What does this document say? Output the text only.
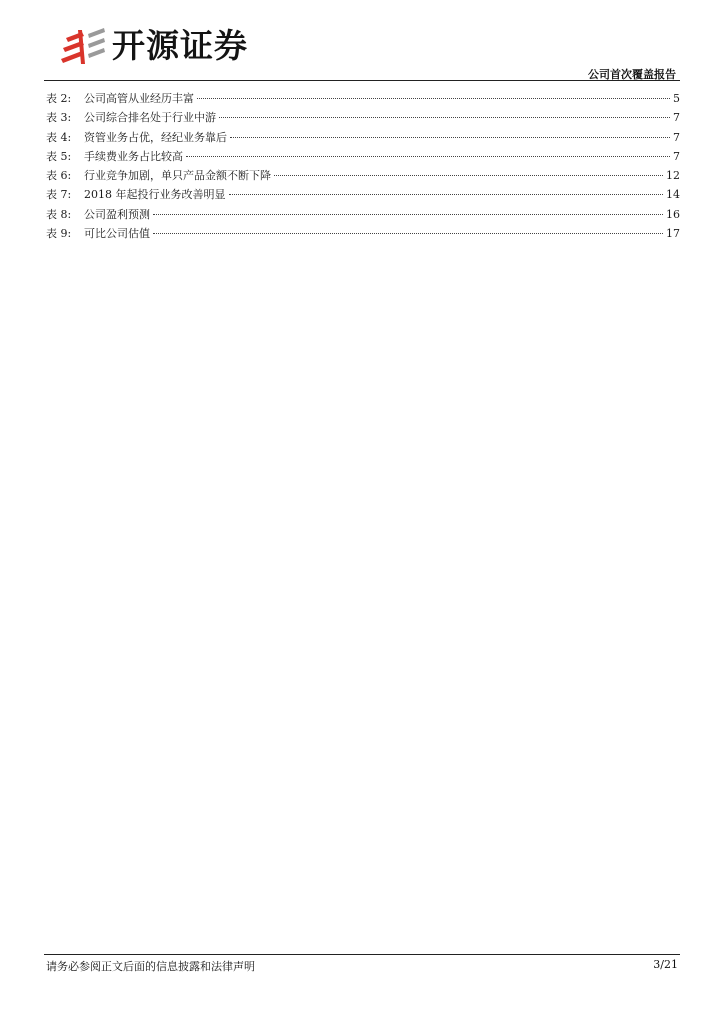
开源证券
公司首次覆盖报告
表 2:	公司高管从业经历丰富	5
表 3:	公司综合排名处于行业中游	7
表 4:	资管业务占优，经纪业务靠后	7
表 5:	手续费业务占比较高	7
表 6:	行业竞争加剧，单只产品金额不断下降	12
表 7:	2018 年起投行业务改善明显	14
表 8:	公司盈利预测	16
表 9:	可比公司估值	17
请务必参阅正文后面的信息披露和法律声明	3/21
